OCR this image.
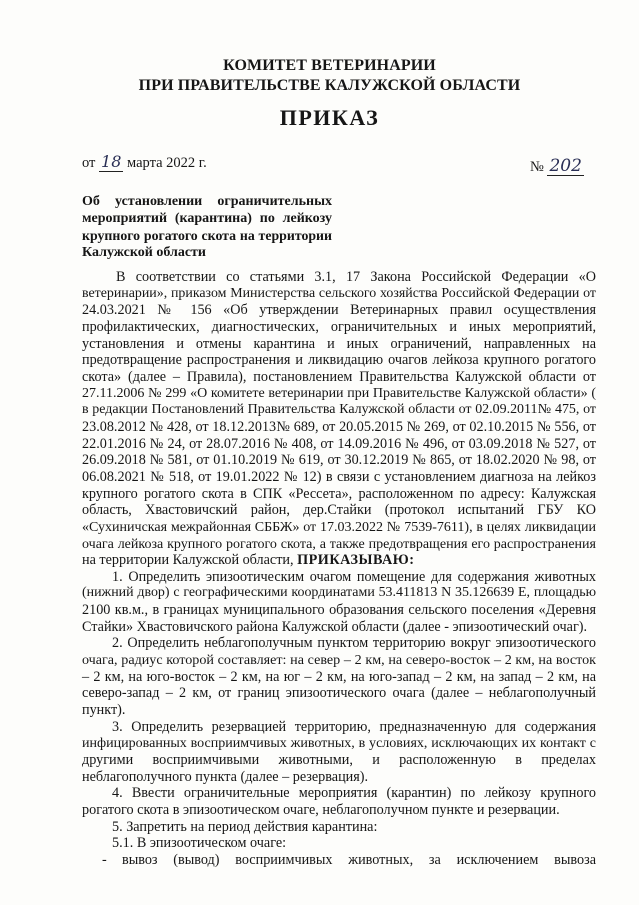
КОМИТЕТ ВЕТЕРИНАРИИ
ПРИ ПРАВИТЕЛЬСТВЕ КАЛУЖСКОЙ ОБЛАСТИ
ПРИКАЗ
от 18 марта 2022 г.	№ 202
Об установлении ограничительных
мероприятий (карантина) по лейкозу
крупного рогатого скота на территории
Калужской области
В соответствии со статьями 3.1, 17 Закона Российской Федерации «О
ветеринарии», приказом Министерства сельского хозяйства Российской Федерации от
24.03.2021 № 156 «Об утверждении Ветеринарных правил осуществления
профилактических, диагностических, ограничительных и иных мероприятий,
установления и отмены карантина и иных ограничений, направленных на
предотвращение распространения и ликвидацию очагов лейкоза крупного рогатого
скота» (далее – Правила), постановлением Правительства Калужской области от
27.11.2006 № 299 «О комитете ветеринарии при Правительстве Калужской области» (
в редакции Постановлений Правительства Калужской области от 02.09.2011№ 475, от
23.08.2012 № 428, от 18.12.2013№ 689, от 20.05.2015 № 269, от 02.10.2015 № 556, от
22.01.2016 № 24, от 28.07.2016 № 408, от 14.09.2016 № 496, от 03.09.2018 № 527, от
26.09.2018 № 581, от 01.10.2019 № 619, от 30.12.2019 № 865, от 18.02.2020 № 98, от
06.08.2021 № 518, от 19.01.2022 № 12) в связи с установлением диагноза на лейкоз
крупного рогатого скота в СПК «Рессета», расположенном по адресу: Калужская
область, Хвастовичский район, дер.Стайки (протокол испытаний ГБУ КО
«Сухиничская межрайонная СББЖ» от 17.03.2022 № 7539-7611), в целях ликвидации
очага лейкоза крупного рогатого скота, а также предотвращения его распространения
на территории Калужской области, ПРИКАЗЫВАЮ:
1. Определить эпизоотическим очагом помещение для содержания животных
(нижний двор) с географическими координатами 53.411813 N 35.126639 E, площадью
2100 кв.м., в границах муниципального образования сельского поселения «Деревня
Стайки» Хвастовичского района Калужской области (далее - эпизоотический очаг).
2. Определить неблагополучным пунктом территорию вокруг эпизоотического
очага, радиус которой составляет: на север – 2 км, на северо-восток – 2 км, на восток
– 2 км, на юго-восток – 2 км, на юг – 2 км, на юго-запад – 2 км, на запад – 2 км, на
северо-запад – 2 км, от границ эпизоотического очага (далее – неблагополучный
пункт).
3. Определить резервацией территорию, предназначенную для содержания
инфицированных восприимчивых животных, в условиях, исключающих их контакт с
другими восприимчивыми животными, и расположенную в пределах
неблагополучного пункта (далее – резервация).
4. Ввести ограничительные мероприятия (карантин) по лейкозу крупного
рогатого скота в эпизоотическом очаге, неблагополучном пункте и резервации.
5. Запретить на период действия карантина:
5.1. В эпизоотическом очаге:
- вывоз (вывод) восприимчивых животных, за исключением вывоза
